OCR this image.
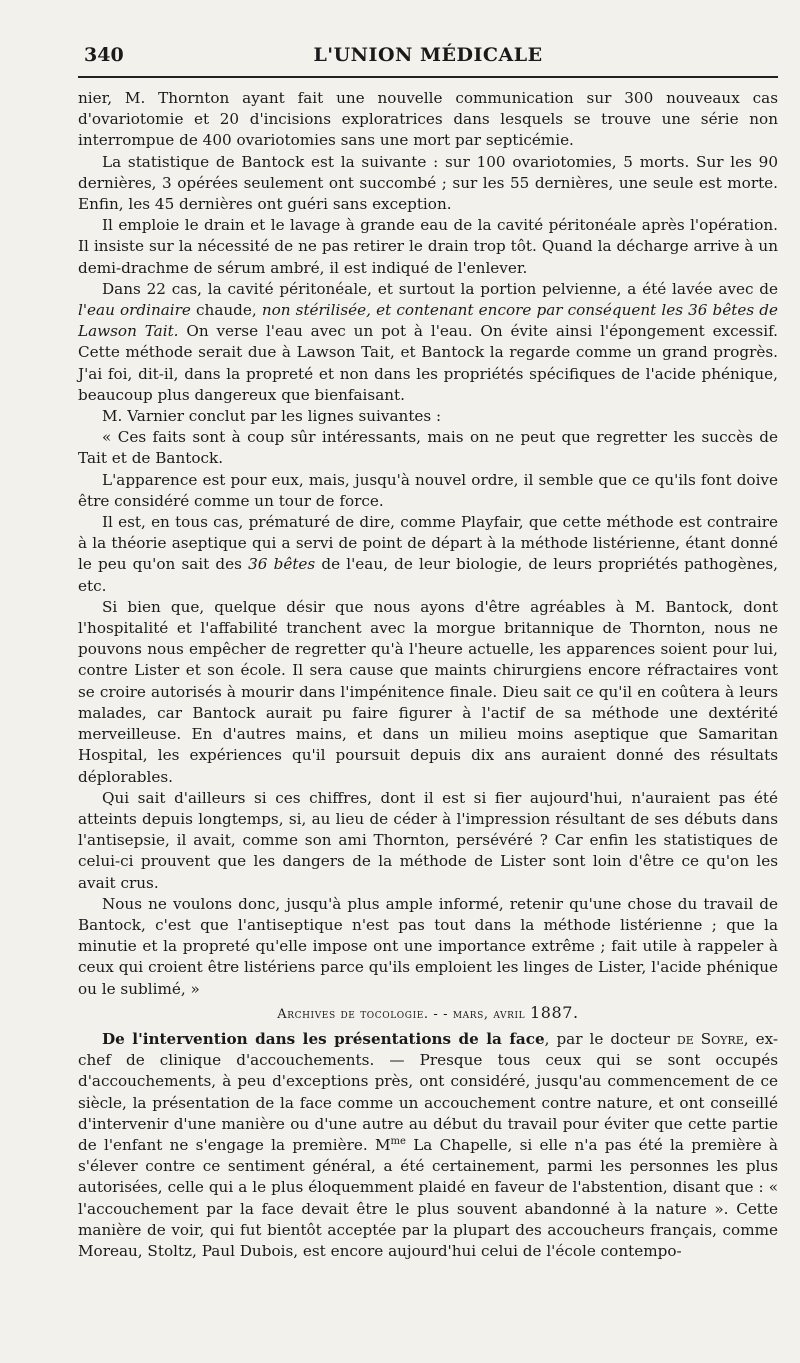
340	L'UNION MÉDICALE

nier, M. Thornton ayant fait une nouvelle communication sur 300 nouveaux cas d'ovariotomie et 20 d'incisions exploratrices dans lesquels se trouve une série non interrompue de 400 ovariotomies sans une mort par septicémie.

La statistique de Bantock est la suivante : sur 100 ovariotomies, 5 morts. Sur les 90 dernières, 3 opérées seulement ont succombé ; sur les 55 dernières, une seule est morte. Enfin, les 45 dernières ont guéri sans exception.

Il emploie le drain et le lavage à grande eau de la cavité péritonéale après l'opération. Il insiste sur la nécessité de ne pas retirer le drain trop tôt. Quand la décharge arrive à un demi-drachme de sérum ambré, il est indiqué de l'enlever.

Dans 22 cas, la cavité péritonéale, et surtout la portion pelvienne, a été lavée avec de l'eau ordinaire chaude, non stérilisée, et contenant encore par conséquent les 36 bêtes de Lawson Tait. On verse l'eau avec un pot à l'eau. On évite ainsi l'épongement excessif. Cette méthode serait due à Lawson Tait, et Bantock la regarde comme un grand progrès. J'ai foi, dit-il, dans la propreté et non dans les propriétés spécifiques de l'acide phénique, beaucoup plus dangereux que bienfaisant.

M. Varnier conclut par les lignes suivantes :

« Ces faits sont à coup sûr intéressants, mais on ne peut que regretter les succès de Tait et de Bantock.

L'apparence est pour eux, mais, jusqu'à nouvel ordre, il semble que ce qu'ils font doive être considéré comme un tour de force.

Il est, en tous cas, prématuré de dire, comme Playfair, que cette méthode est contraire à la théorie aseptique qui a servi de point de départ à la méthode listérienne, étant donné le peu qu'on sait des 36 bêtes de l'eau, de leur biologie, de leurs propriétés pathogènes, etc.

Si bien que, quelque désir que nous ayons d'être agréables à M. Bantock, dont l'hospitalité et l'affabilité tranchent avec la morgue britannique de Thornton, nous ne pouvons nous empêcher de regretter qu'à l'heure actuelle, les apparences soient pour lui, contre Lister et son école. Il sera cause que maints chirurgiens encore réfractaires vont se croire autorisés à mourir dans l'impénitence finale. Dieu sait ce qu'il en coûtera à leurs malades, car Bantock aurait pu faire figurer à l'actif de sa méthode une dextérité merveilleuse. En d'autres mains, et dans un milieu moins aseptique que Samaritan Hospital, les expériences qu'il poursuit depuis dix ans auraient donné des résultats déplorables.

Qui sait d'ailleurs si ces chiffres, dont il est si fier aujourd'hui, n'auraient pas été atteints depuis longtemps, si, au lieu de céder à l'impression résultant de ses débuts dans l'antisepsie, il avait, comme son ami Thornton, persévéré ? Car enfin les statistiques de celui-ci prouvent que les dangers de la méthode de Lister sont loin d'être ce qu'on les avait crus.

Nous ne voulons donc, jusqu'à plus ample informé, retenir qu'une chose du travail de Bantock, c'est que l'antiseptique n'est pas tout dans la méthode listérienne ; que la minutie et la propreté qu'elle impose ont une importance extrême ; fait utile à rappeler à ceux qui croient être listériens parce qu'ils emploient les linges de Lister, l'acide phénique ou le sublimé, »

Archives de tocologie. - - mars, avril 1887.

De l'intervention dans les présentations de la face, par le docteur de Soyre, ex-chef de clinique d'accouchements. — Presque tous ceux qui se sont occupés d'accouchements, à peu d'exceptions près, ont considéré, jusqu'au commencement de ce siècle, la présentation de la face comme un accouchement contre nature, et ont conseillé d'intervenir d'une manière ou d'une autre au début du travail pour éviter que cette partie de l'enfant ne s'engage la première. $M^{me}$ La Chapelle, si elle n'a pas été la première à s'élever contre ce sentiment général, a été certainement, parmi les personnes les plus autorisées, celle qui a le plus éloquemment plaidé en faveur de l'abstention, disant que : « l'accouchement par la face devait être le plus souvent abandonné à la nature ». Cette manière de voir, qui fut bientôt acceptée par la plupart des accoucheurs français, comme Moreau, Stoltz, Paul Dubois, est encore aujourd'hui celui de l'école contempo-
